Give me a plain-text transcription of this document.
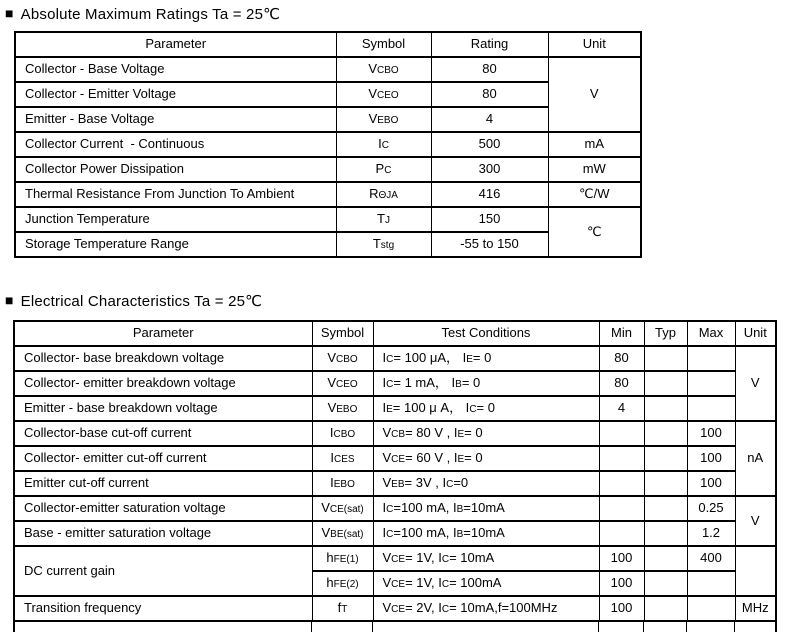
■ Absolute Maximum Ratings Ta = 25℃
Parameter	Symbol	Rating	Unit
Collector - Base Voltage	VCBO	80	V
Collector - Emitter Voltage	VCEO	80	
Emitter - Base Voltage	VEBO	4	
Collector Current  - Continuous	IC	500	mA
Collector Power Dissipation	PC	300	mW
Thermal Resistance From Junction To Ambient	RΘJA	416	℃/W
Junction Temperature	TJ	150	℃
Storage Temperature Range	Tstg	-55 to 150	
■ Electrical Characteristics Ta = 25℃
Parameter	Symbol	Test Conditions	Min	Typ	Max	Unit
Collector- base breakdown voltage	VCBO	IC= 100 μA， IE= 0	80			V
Collector- emitter breakdown voltage	VCEO	IC= 1 mA， IB= 0	80			
Emitter - base breakdown voltage	VEBO	IE= 100 μ A， IC= 0	4			
Collector-base cut-off current	ICBO	VCB= 80 V , IE= 0			100	nA
Collector- emitter cut-off current	ICES	VCE= 60 V , IE= 0			100	
Emitter cut-off current	IEBO	VEB= 3V , IC=0			100	
Collector-emitter saturation voltage	VCE(sat)	IC=100 mA, IB=10mA			0.25	V
Base - emitter saturation voltage	VBE(sat)	IC=100 mA, IB=10mA			1.2	
DC current gain	hFE(1)	VCE= 1V, IC= 10mA	100		400	
	hFE(2)	VCE= 1V, IC= 100mA	100			
Transition frequency	fT	VCE= 2V, IC= 10mA,f=100MHz	100			MHz
